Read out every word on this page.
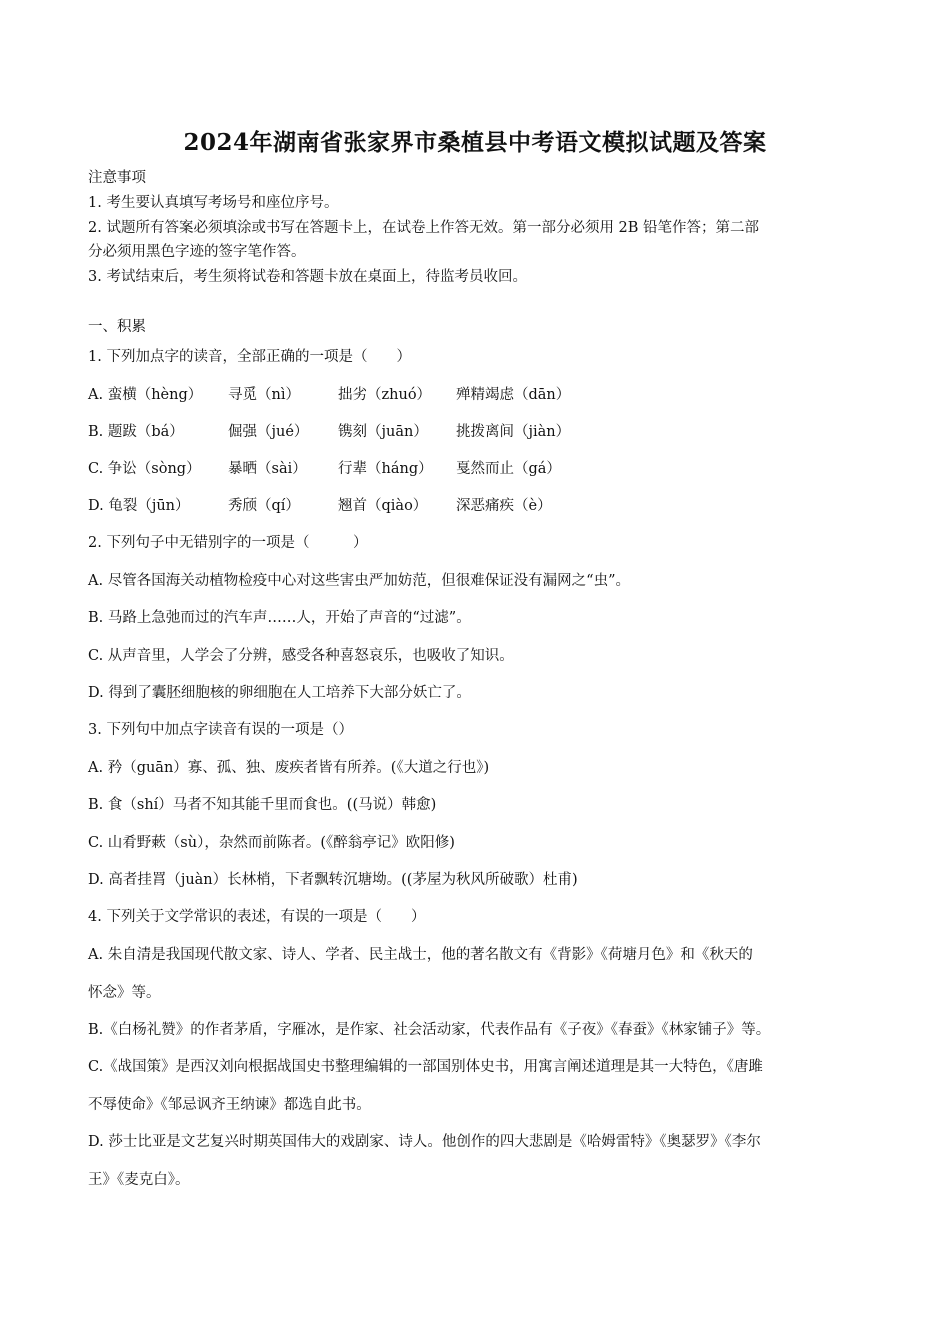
2024年湖南省张家界市桑植县中考语文模拟试题及答案
注意事项
1. 考生要认真填写考场号和座位序号。
2. 试题所有答案必须填涂或书写在答题卡上，在试卷上作答无效。第一部分必须用 2B 铅笔作答；第二部
分必须用黑色字迹的签字笔作答。
3. 考试结束后，考生须将试卷和答题卡放在桌面上，待监考员收回。
一、积累
1. 下列加点字的读音，全部正确的一项是（　　）
A. 蛮横（hèng） 寻觅（nì）	拙劣（zhuó） 殚精竭虑（dān）
B. 题跋（bá）	倔强（jué） 镌刻（juān） 挑拨离间（jiàn）
C. 争讼（sòng） 暴晒（sài） 行辈（háng） 戛然而止（gá）
D. 龟裂（jūn）	秀颀（qí）	翘首（qiào） 深恶痛疾（è）
2. 下列句子中无错别字的一项是（　　　）
A. 尽管各国海关动植物检疫中心对这些害虫严加妨范，但很难保证没有漏网之“虫”。
B. 马路上急弛而过的汽车声……人，开始了声音的“过滤”。
C. 从声音里，人学会了分辨，感受各种喜怒哀乐，也吸收了知识。
D. 得到了囊胚细胞核的卵细胞在人工培养下大部分妖亡了。
3. 下列句中加点字读音有误的一项是（）
A. 矜（guān）寡、孤、独、废疾者皆有所养。(《大道之行也》)
B. 食（shí）马者不知其能千里而食也。((马说）韩愈)
C. 山肴野蔌（sù），杂然而前陈者。(《醉翁亭记》欧阳修)
D. 高者挂罥（juàn）长林梢，下者飘转沉塘坳。((茅屋为秋风所破歌）杜甫)
4. 下列关于文学常识的表述，有误的一项是（　　）
A. 朱自清是我国现代散文家、诗人、学者、民主战士，他的著名散文有《背影》《荷塘月色》和《秋天的
怀念》等。
B.《白杨礼赞》的作者茅盾，字雁冰，是作家、社会活动家，代表作品有《子夜》《春蚕》《林家铺子》等。
C.《战国策》是西汉刘向根据战国史书整理编辑的一部国别体史书，用寓言阐述道理是其一大特色，《唐雎
不辱使命》《邹忌讽齐王纳谏》都选自此书。
D. 莎士比亚是文艺复兴时期英国伟大的戏剧家、诗人。他创作的四大悲剧是《哈姆雷特》《奥瑟罗》《李尔
王》《麦克白》。
